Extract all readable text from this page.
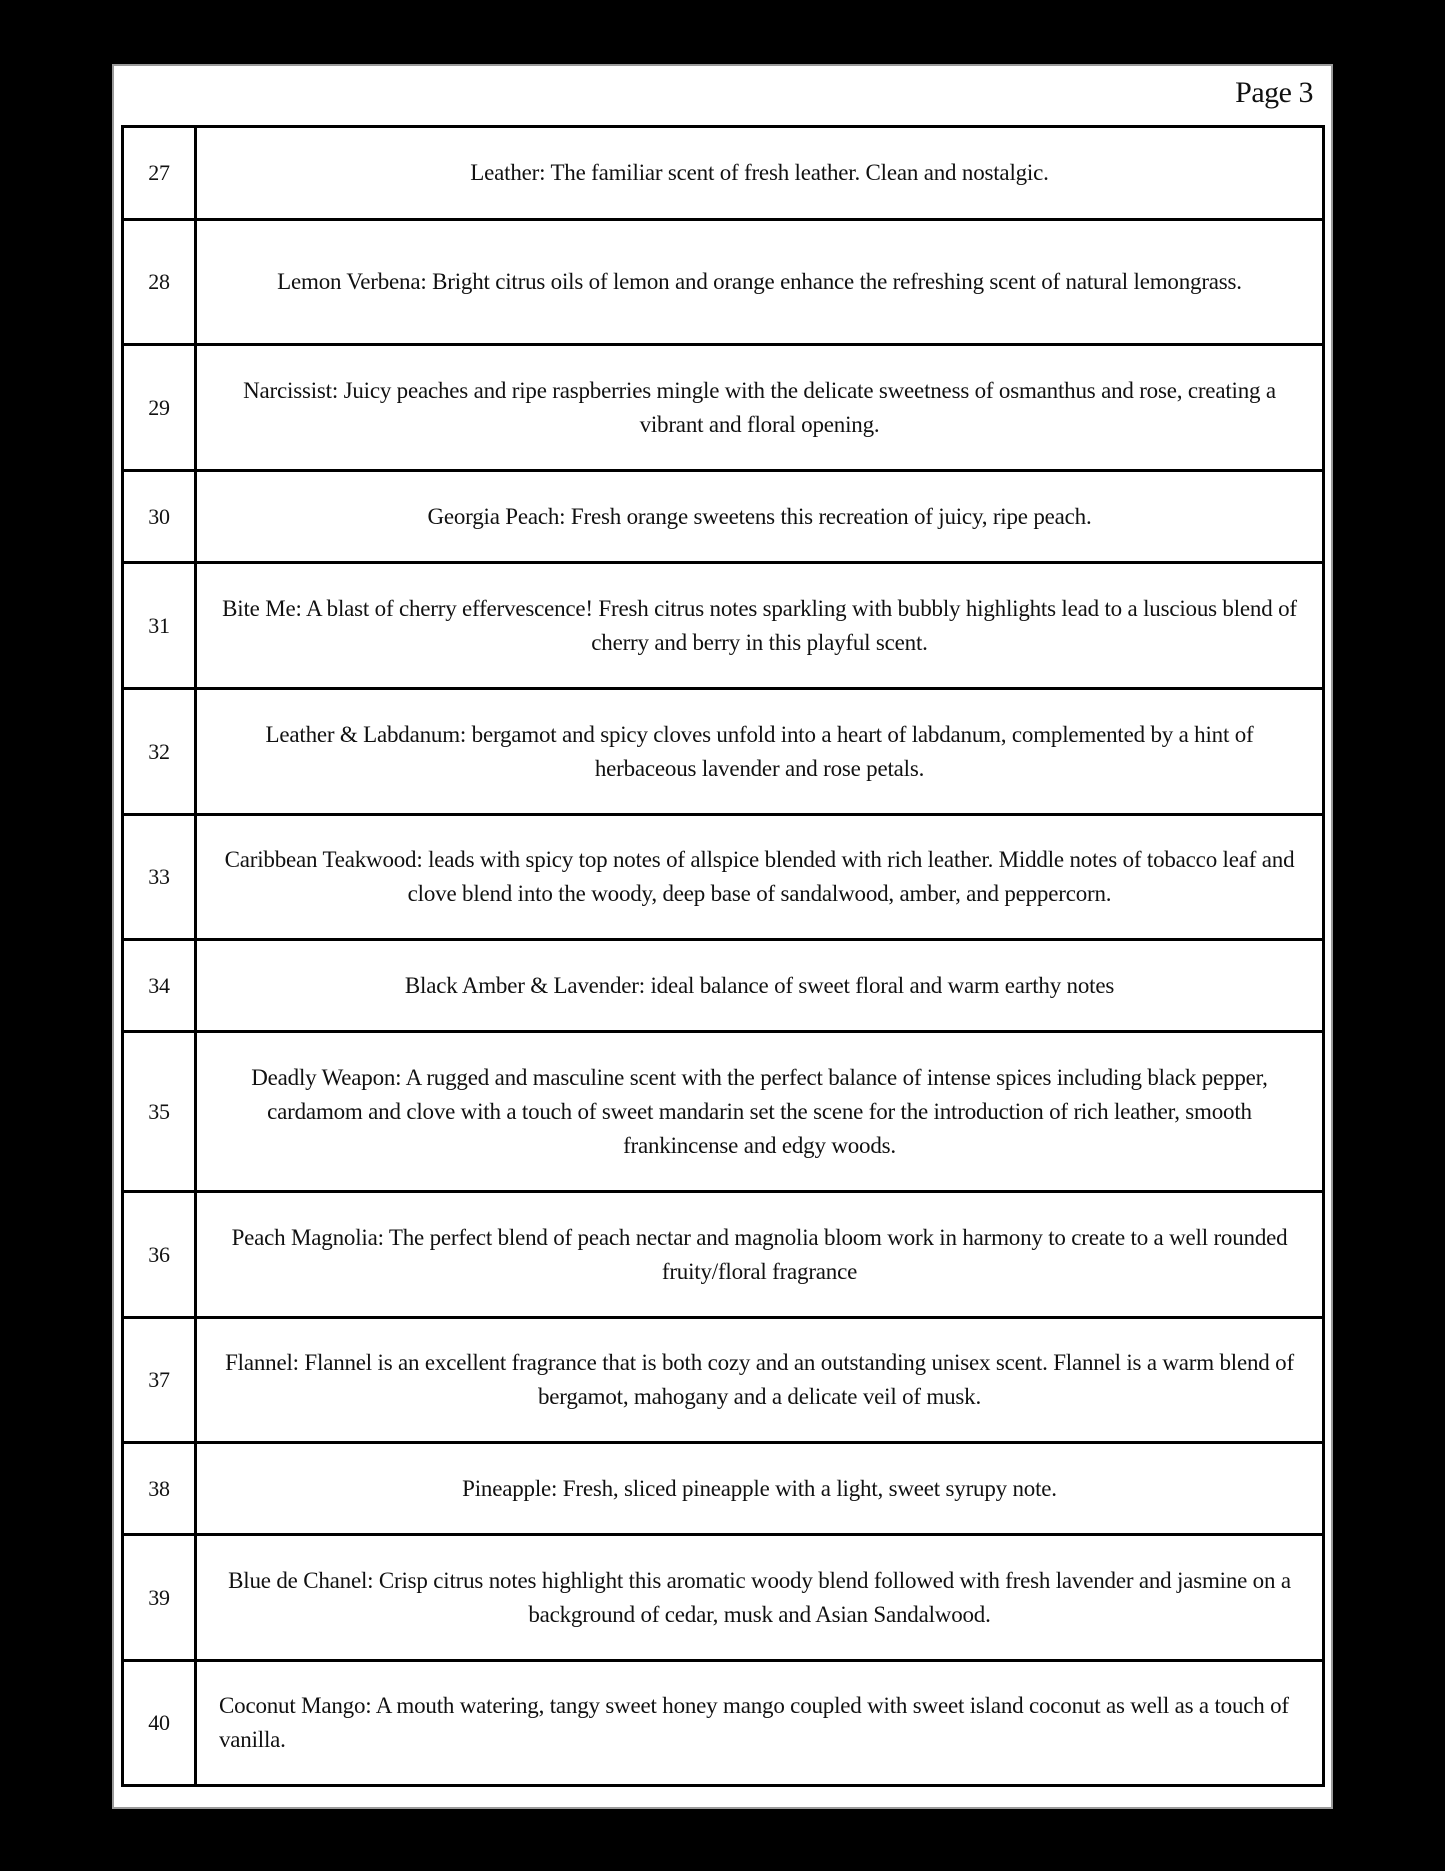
Page 3
27	Leather: The familiar scent of fresh leather. Clean and nostalgic.
28	Lemon Verbena: Bright citrus oils of lemon and orange enhance the refreshing scent of natural lemongrass.
29	Narcissist: Juicy peaches and ripe raspberries mingle with the delicate sweetness of osmanthus and rose, creating a vibrant and floral opening.
30	Georgia Peach: Fresh orange sweetens this recreation of juicy, ripe peach.
31	Bite Me: A blast of cherry effervescence! Fresh citrus notes sparkling with bubbly highlights lead to a luscious blend of cherry and berry in this playful scent.
32	Leather & Labdanum: bergamot and spicy cloves unfold into a heart of labdanum, complemented by a hint of herbaceous lavender and rose petals.
33	Caribbean Teakwood: leads with spicy top notes of allspice blended with rich leather. Middle notes of tobacco leaf and clove blend into the woody, deep base of sandalwood, amber, and peppercorn.
34	Black Amber & Lavender: ideal balance of sweet floral and warm earthy notes
35	Deadly Weapon: A rugged and masculine scent with the perfect balance of intense spices including black pepper, cardamom and clove with a touch of sweet mandarin set the scene for the introduction of rich leather, smooth frankincense and edgy woods.
36	Peach Magnolia: The perfect blend of peach nectar and magnolia bloom work in harmony to create to a well rounded fruity/floral fragrance
37	Flannel: Flannel is an excellent fragrance that is both cozy and an outstanding unisex scent. Flannel is a warm blend of bergamot, mahogany and a delicate veil of musk.
38	Pineapple: Fresh, sliced pineapple with a light, sweet syrupy note.
39	Blue de Chanel: Crisp citrus notes highlight this aromatic woody blend followed with fresh lavender and jasmine on a background of cedar, musk and Asian Sandalwood.
40	Coconut Mango: A mouth watering, tangy sweet honey mango coupled with sweet island coconut as well as a touch of vanilla.
